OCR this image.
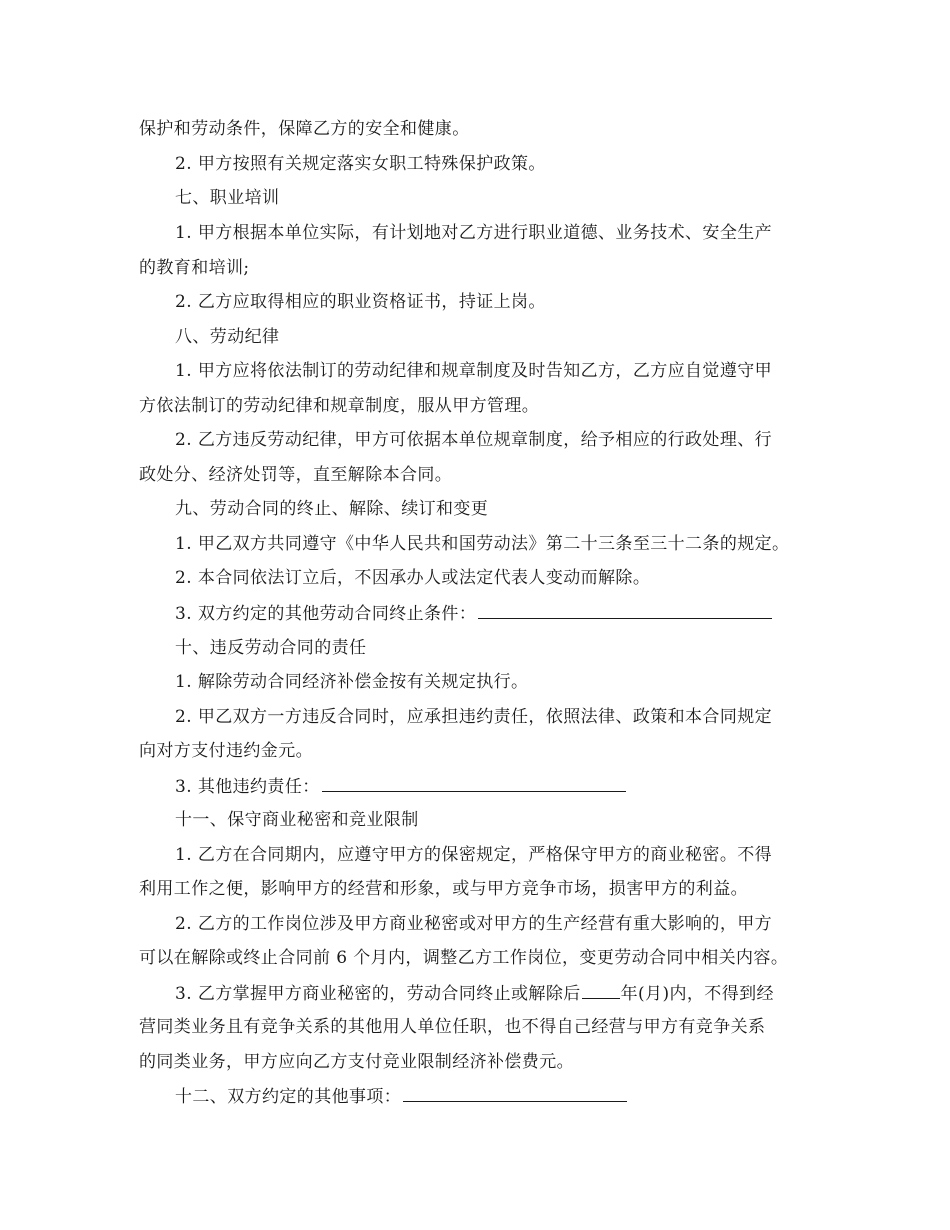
保护和劳动条件，保障乙方的安全和健康。
2. 甲方按照有关规定落实女职工特殊保护政策。
七、职业培训
1. 甲方根据本单位实际，有计划地对乙方进行职业道德、业务技术、安全生产
的教育和培训;
2. 乙方应取得相应的职业资格证书，持证上岗。
八、劳动纪律
1. 甲方应将依法制订的劳动纪律和规章制度及时告知乙方，乙方应自觉遵守甲
方依法制订的劳动纪律和规章制度，服从甲方管理。
2. 乙方违反劳动纪律，甲方可依据本单位规章制度，给予相应的行政处理、行
政处分、经济处罚等，直至解除本合同。
九、劳动合同的终止、解除、续订和变更
1. 甲乙双方共同遵守《中华人民共和国劳动法》第二十三条至三十二条的规定。
2. 本合同依法订立后，不因承办人或法定代表人变动而解除。
3. 双方约定的其他劳动合同终止条件：
十、违反劳动合同的责任
1. 解除劳动合同经济补偿金按有关规定执行。
2. 甲乙双方一方违反合同时，应承担违约责任，依照法律、政策和本合同规定
向对方支付违约金元。
3. 其他违约责任：
十一、保守商业秘密和竞业限制
1. 乙方在合同期内，应遵守甲方的保密规定，严格保守甲方的商业秘密。不得
利用工作之便，影响甲方的经营和形象，或与甲方竞争市场，损害甲方的利益。
2. 乙方的工作岗位涉及甲方商业秘密或对甲方的生产经营有重大影响的，甲方
可以在解除或终止合同前 6 个月内，调整乙方工作岗位，变更劳动合同中相关内容。
3. 乙方掌握甲方商业秘密的，劳动合同终止或解除后 年(月)内，不得到经
营同类业务且有竞争关系的其他用人单位任职，也不得自己经营与甲方有竞争关系
的同类业务，甲方应向乙方支付竞业限制经济补偿费元。
十二、双方约定的其他事项：
